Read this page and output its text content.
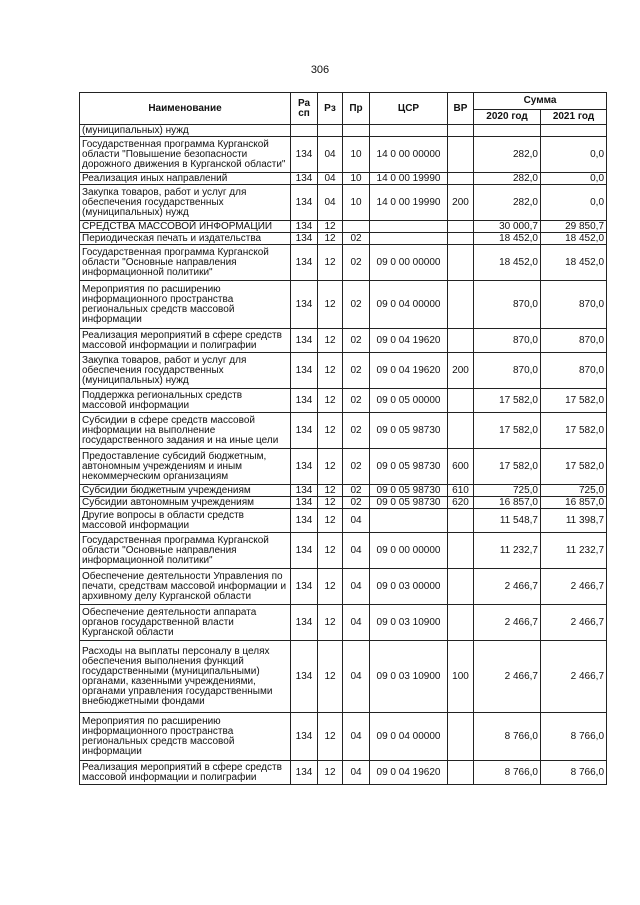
306
Наименование	Ра сп	Рз	Пр	ЦСР	ВР	Сумма	
						2020 год	2021 год
(муниципальных) нужд							
Государственная программа Курганской области "Повышение безопасности дорожного движения в Курганской области"	134	04	10	14 0 00 00000		282,0	0,0
Реализация иных направлений	134	04	10	14 0 00 19990		282,0	0,0
Закупка товаров, работ и услуг для обеспечения государственных (муниципальных) нужд	134	04	10	14 0 00 19990	200	282,0	0,0
СРЕДСТВА МАССОВОЙ ИНФОРМАЦИИ	134	12				30 000,7	29 850,7
Периодическая печать и издательства	134	12	02			18 452,0	18 452,0
Государственная программа Курганской области "Основные направления информационной политики"	134	12	02	09 0 00 00000		18 452,0	18 452,0
Мероприятия по расширению информационного пространства региональных средств массовой информации	134	12	02	09 0 04 00000		870,0	870,0
Реализация мероприятий в сфере средств массовой информации и полиграфии	134	12	02	09 0 04 19620		870,0	870,0
Закупка товаров, работ и услуг для обеспечения государственных (муниципальных) нужд	134	12	02	09 0 04 19620	200	870,0	870,0
Поддержка региональных средств массовой информации	134	12	02	09 0 05 00000		17 582,0	17 582,0
Субсидии в сфере средств массовой информации на выполнение государственного задания и на иные цели	134	12	02	09 0 05 98730		17 582,0	17 582,0
Предоставление субсидий бюджетным, автономным учреждениям и иным некоммерческим организациям	134	12	02	09 0 05 98730	600	17 582,0	17 582,0
Субсидии бюджетным учреждениям	134	12	02	09 0 05 98730	610	725,0	725,0
Субсидии автономным учреждениям	134	12	02	09 0 05 98730	620	16 857,0	16 857,0
Другие вопросы в области средств массовой информации	134	12	04			11 548,7	11 398,7
Государственная программа Курганской области "Основные направления информационной политики"	134	12	04	09 0 00 00000		11 232,7	11 232,7
Обеспечение деятельности Управления по печати, средствам массовой информации и архивному делу Курганской области	134	12	04	09 0 03 00000		2 466,7	2 466,7
Обеспечение деятельности аппарата органов государственной власти Курганской области	134	12	04	09 0 03 10900		2 466,7	2 466,7
Расходы на выплаты персоналу в целях обеспечения выполнения функций государственными (муниципальными) органами, казенными учреждениями, органами управления государственными внебюджетными фондами	134	12	04	09 0 03 10900	100	2 466,7	2 466,7
Мероприятия по расширению информационного пространства региональных средств массовой информации	134	12	04	09 0 04 00000		8 766,0	8 766,0
Реализация мероприятий в сфере средств массовой информации и полиграфии	134	12	04	09 0 04 19620		8 766,0	8 766,0
